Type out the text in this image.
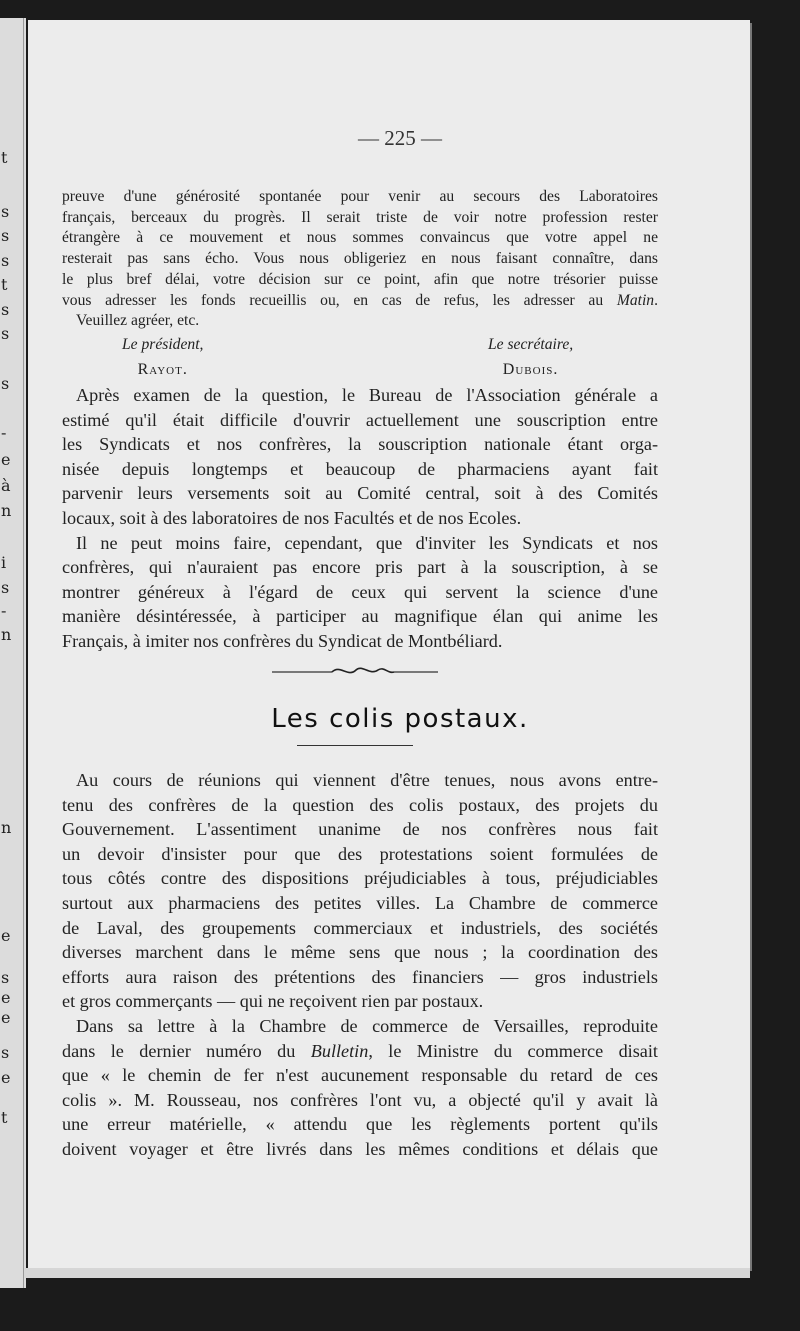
t
s
s
s
t
s
s
s
-
e
à
n
i
s
-
n
n
e
s
e
e
s
e
t
— 225 —
preuve d'une générosité spontanée pour venir au secours des Laboratoires
français, berceaux du progrès. Il serait triste de voir notre profession rester
étrangère à ce mouvement et nous sommes convaincus que votre appel ne
resterait pas sans écho. Vous nous obligeriez en nous faisant connaître, dans
le plus bref délai, votre décision sur ce point, afin que notre trésorier puisse
vous adresser les fonds recueillis ou, en cas de refus, les adresser au Matin.
Veuillez agréer, etc.
Le président,
Rayot.
Le secrétaire,
Dubois.
Après examen de la question, le Bureau de l'Association générale a
estimé qu'il était difficile d'ouvrir actuellement une souscription entre
les Syndicats et nos confrères, la souscription nationale étant orga-
nisée depuis longtemps et beaucoup de pharmaciens ayant fait
parvenir leurs versements soit au Comité central, soit à des Comités
locaux, soit à des laboratoires de nos Facultés et de nos Ecoles.
Il ne peut moins faire, cependant, que d'inviter les Syndicats et nos
confrères, qui n'auraient pas encore pris part à la souscription, à se
montrer généreux à l'égard de ceux qui servent la science d'une
manière désintéressée, à participer au magnifique élan qui anime les
Français, à imiter nos confrères du Syndicat de Montbéliard.
Les colis postaux.
Au cours de réunions qui viennent d'être tenues, nous avons entre-
tenu des confrères de la question des colis postaux, des projets du
Gouvernement. L'assentiment unanime de nos confrères nous fait
un devoir d'insister pour que des protestations soient formulées de
tous côtés contre des dispositions préjudiciables à tous, préjudiciables
surtout aux pharmaciens des petites villes. La Chambre de commerce
de Laval, des groupements commerciaux et industriels, des sociétés
diverses marchent dans le même sens que nous ; la coordination des
efforts aura raison des prétentions des financiers — gros industriels
et gros commerçants — qui ne reçoivent rien par postaux.
Dans sa lettre à la Chambre de commerce de Versailles, reproduite
dans le dernier numéro du Bulletin, le Ministre du commerce disait
que « le chemin de fer n'est aucunement responsable du retard de ces
colis ». M. Rousseau, nos confrères l'ont vu, a objecté qu'il y avait là
une erreur matérielle, « attendu que les règlements portent qu'ils
doivent voyager et être livrés dans les mêmes conditions et délais que
